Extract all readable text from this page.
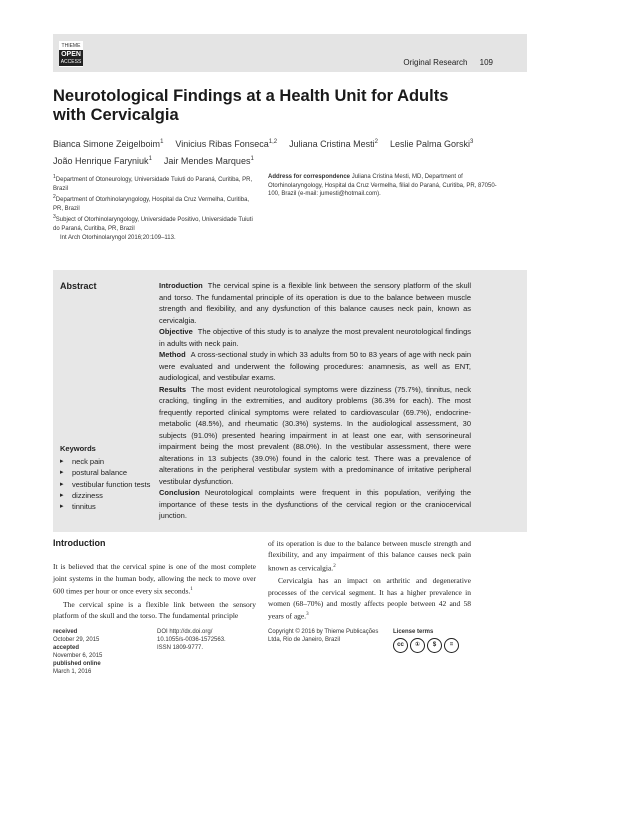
THIEME
OPEN
ACCESS	Original Research 109
Neurotological Findings at a Health Unit for Adults with Cervicalgia
Bianca Simone Zeigelboim$^1$ Vinicius Ribas Fonseca$^{1,2}$ Juliana Cristina Mesti$^2$ Leslie Palma Gorski$^3$
João Henrique Faryniuk$^1$ Jair Mendes Marques$^1$
$^1$Department of Otoneurology, Universidade Tuiuti do Paraná, Curitiba, PR, Brazil
$^2$Department of Otorhinolaryngology, Hospital da Cruz Vermelha, Curitiba, PR, Brazil
$^3$Subject of Otorhinolaryngology, Universidade Positivo, Universidade Tuiuti do Paraná, Curitiba, PR, Brazil
Address for correspondence Juliana Cristina Mesti, MD, Department of Otorhinolaryngology, Hospital da Cruz Vermelha, filial do Paraná, Curitiba, PR, 87050-100, Brazil (e-mail: jumesti@hotmail.com).
Int Arch Otorhinolaryngol 2016;20:109–113.
Abstract	Introduction The cervical spine is a flexible link between the sensory platform of the skull and torso. The fundamental principle of its operation is due to the balance between muscle strength and flexibility, and any dysfunction of this balance causes neck pain, known as cervicalgia.

Objective The objective of this study is to analyze the most prevalent neurotological findings in adults with neck pain.

Method A cross-sectional study in which 33 adults from 50 to 83 years of age with neck pain were evaluated and underwent the following procedures: anamnesis, as well as ENT, audiological, and vestibular exams.

Results The most evident neurotological symptoms were dizziness (75.7%), tinnitus, neck cracking, tingling in the extremities, and auditory problems (36.3% for each). The most frequently reported clinical symptoms were related to cardiovascular (69.7%), endocrine-metabolic (48.5%), and rheumatic (30.3%) systems. In the audiological assessment, 30 subjects (91.0%) presented hearing impairment in at least one ear, with sensorineural impairment being the most prevalent (88.0%). In the vestibular assessment, there were alterations in 13 subjects (39.0%) found in the caloric test. There was a prevalence of alterations in the peripheral vestibular system with a predominance of irritative peripheral vestibular dysfunction.

Conclusion Neurotological complaints were frequent in this population, verifying the importance of these tests in the dysfunctions of the cervical region or the craniocervical junction.

Keywords
▸ neck pain
▸ postural balance
▸ vestibular function tests
▸ dizziness
▸ tinnitus
Introduction

It is believed that the cervical spine is one of the most complete joint systems in the human body, allowing the neck to move over 600 times per hour or once every six seconds.$^1$

The cervical spine is a flexible link between the sensory platform of the skull and the torso. The fundamental principle

of its operation is due to the balance between muscle strength and flexibility, and any impairment of this balance causes neck pain known as cervicalgia.$^2$

Cervicalgia has an impact on arthritic and degenerative processes of the cervical segment. It has a higher prevalence in women (68–70%) and mostly affects people between 42 and 58 years of age.$^3$

received
October 29, 2015
accepted
November 6, 2015
published online
March 1, 2016
DOI http://dx.doi.org/
10.1055/s-0036-1572563.
ISSN 1809-9777.
Copyright © 2016 by Thieme Publicações Ltda, Rio de Janeiro, Brazil
License terms
cc	①	$	=
